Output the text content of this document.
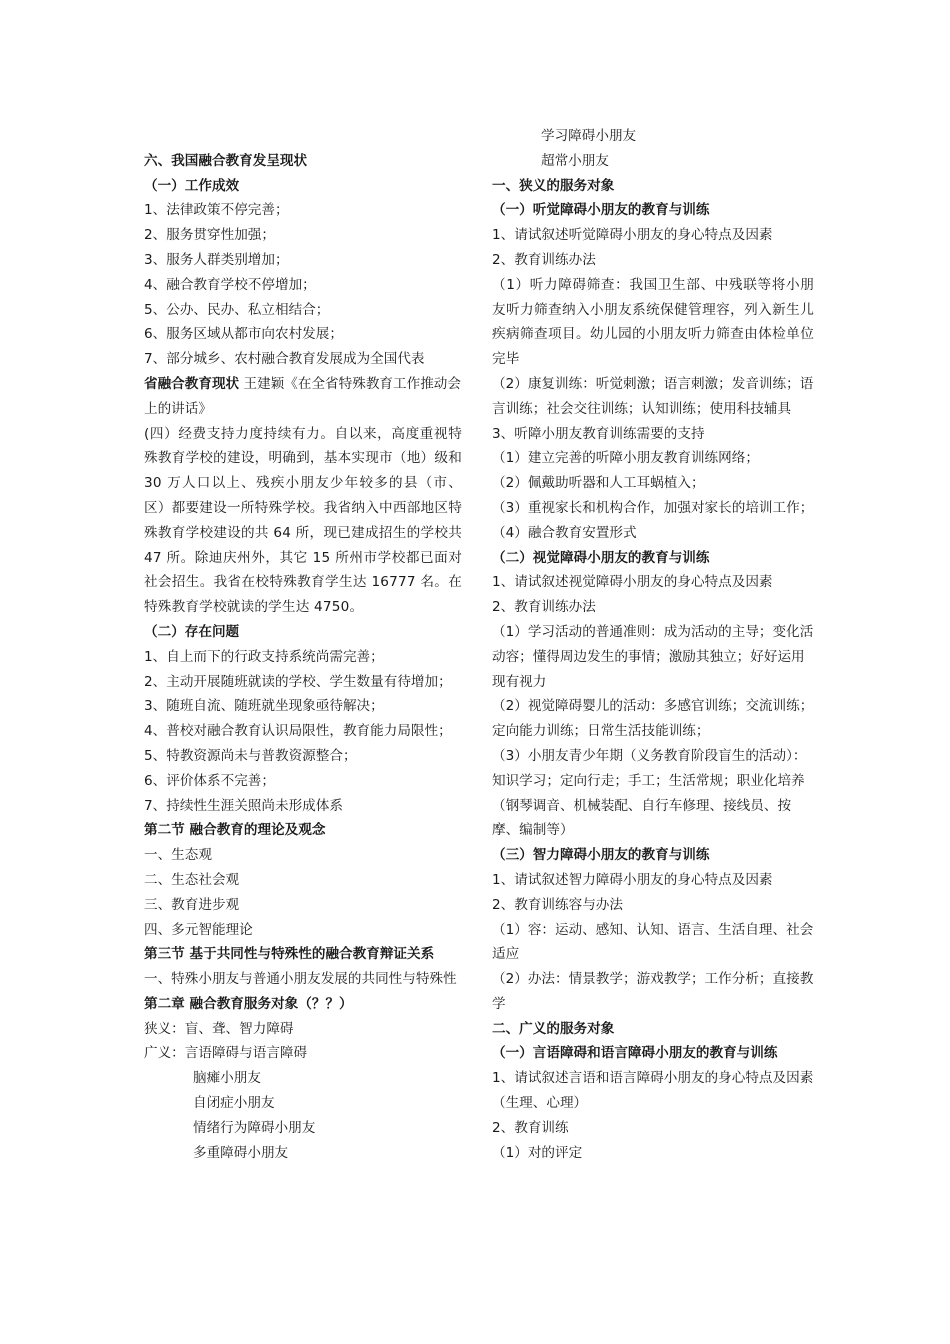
六、我国融合教育发呈现状
（一）工作成效
1、法律政策不停完善；
2、服务贯穿性加强；
3、服务人群类别增加；
4、融合教育学校不停增加；
5、公办、民办、私立相结合；
6、服务区域从都市向农村发展；
7、部分城乡、农村融合教育发展成为全国代表
省融合教育现状 王建颖《在全省特殊教育工作推动会上的讲话》
(四）经费支持力度持续有力。自以来，高度重视特殊教育学校的建设，明确到，基本实现市（地）级和 30 万人口以上、残疾小朋友少年较多的县（市、区）都要建设一所特殊学校。我省纳入中西部地区特殊教育学校建设的共 64 所，现已建成招生的学校共 47 所。除迪庆州外，其它 15 所州市学校都已面对社会招生。我省在校特殊教育学生达 16777 名。在特殊教育学校就读的学生达 4750。
（二）存在问题
1、自上而下的行政支持系统尚需完善；
2、主动开展随班就读的学校、学生数量有待增加；
3、随班自流、随班就坐现象亟待解决；
4、普校对融合教育认识局限性，教育能力局限性；
5、特教资源尚未与普教资源整合；
6、评价体系不完善；
7、持续性生涯关照尚未形成体系
第二节 融合教育的理论及观念
一、生态观
二、生态社会观
三、教育进步观
四、多元智能理论
第三节 基于共同性与特殊性的融合教育辩证关系
一、特殊小朋友与普通小朋友发展的共同性与特殊性
第二章 融合教育服务对象（？？）
狭义：盲、聋、智力障碍
广义：言语障碍与语言障碍
脑瘫小朋友
自闭症小朋友
情绪行为障碍小朋友
多重障碍小朋友
学习障碍小朋友
超常小朋友
一、狭义的服务对象
（一）听觉障碍小朋友的教育与训练
1、请试叙述听觉障碍小朋友的身心特点及因素
2、教育训练办法
（1）听力障碍筛查：我国卫生部、中残联等将小朋友听力筛查纳入小朋友系统保健管理容，列入新生儿疾病筛查项目。幼儿园的小朋友听力筛查由体检单位完毕
（2）康复训练：听觉刺激；语言刺激；发音训练；语言训练；社会交往训练；认知训练；使用科技辅具
3、听障小朋友教育训练需要的支持
（1）建立完善的听障小朋友教育训练网络；
（2）佩戴助听器和人工耳蜗植入；
（3）重视家长和机构合作，加强对家长的培训工作；
（4）融合教育安置形式
（二）视觉障碍小朋友的教育与训练
1、请试叙述视觉障碍小朋友的身心特点及因素
2、教育训练办法
（1）学习活动的普通准则：成为活动的主导；变化活动容；懂得周边发生的事情；激励其独立；好好运用现有视力
（2）视觉障碍婴儿的活动：多感官训练；交流训练；定向能力训练；日常生活技能训练；
（3）小朋友青少年期（义务教育阶段盲生的活动）：知识学习；定向行走；手工；生活常规；职业化培养（钢琴调音、机械装配、自行车修理、接线员、按摩、编制等）
（三）智力障碍小朋友的教育与训练
1、请试叙述智力障碍小朋友的身心特点及因素
2、教育训练容与办法
（1）容：运动、感知、认知、语言、生活自理、社会适应
（2）办法：情景教学；游戏教学；工作分析；直接教学
二、广义的服务对象
（一）言语障碍和语言障碍小朋友的教育与训练
1、请试叙述言语和语言障碍小朋友的身心特点及因素（生理、心理）
2、教育训练
（1）对的评定
